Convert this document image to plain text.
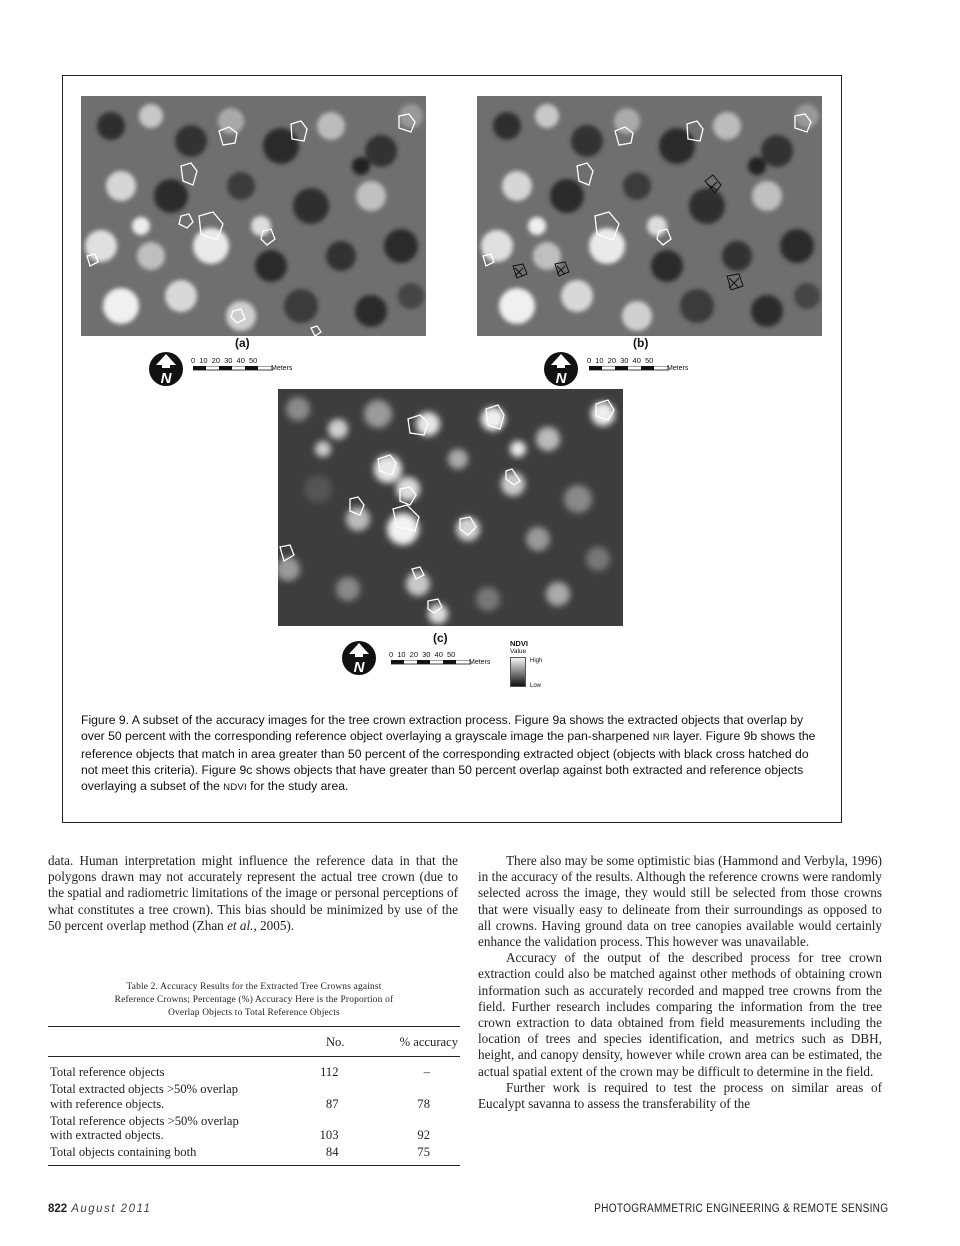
(a)
N
0 10 20 30 40 50
Meters
(b)
N
0 10 20 30 40 50
Meters
(c)
N
0 10 20 30 40 50
Meters
NDVI
Value
High
Low
Figure 9. A subset of the accuracy images for the tree crown extraction process. Figure 9a shows the extracted objects that overlap by over 50 percent with the corresponding reference object overlaying a grayscale image the pan-sharpened NIR layer. Figure 9b shows the reference objects that match in area greater than 50 percent of the corresponding extracted object (objects with black cross hatched do not meet this criteria). Figure 9c shows objects that have greater than 50 percent overlap against both extracted and reference objects overlaying a subset of the NDVI for the study area.

data. Human interpretation might influence the reference data in that the polygons drawn may not accurately represent the actual tree crown (due to the spatial and radiometric limitations of the image or personal perceptions of what constitutes a tree crown). This bias should be minimized by use of the 50 percent overlap method (Zhan et al., 2005).

Table 2. Accuracy Results for the Extracted Tree Crowns against
Reference Crowns; Percentage (%) Accuracy Here is the Proportion of
Overlap Objects to Total Reference Objects
	No.	% accuracy
Total reference objects	112	–
Total extracted objects >50% overlap
with reference objects.	87	78
Total reference objects >50% overlap
with extracted objects.	103	92
Total objects containing both	84	75

There also may be some optimistic bias (Hammond and Verbyla, 1996) in the accuracy of the results. Although the reference crowns were randomly selected across the image, they would still be selected from those crowns that were visually easy to delineate from their surroundings as opposed to all crowns. Having ground data on tree canopies available would certainly enhance the validation process. This however was unavailable.

Accuracy of the output of the described process for tree crown extraction could also be matched against other methods of obtaining crown information such as accurately recorded and mapped tree crowns from the field. Further research includes comparing the information from the tree crown extraction to data obtained from field measurements including the location of trees and species identification, and metrics such as DBH, height, and canopy density, however while crown area can be estimated, the actual spatial extent of the crown may be difficult to determine in the field.

Further work is required to test the process on similar areas of Eucalypt savanna to assess the transferability of the

822 August 2011	PHOTOGRAMMETRIC ENGINEERING & REMOTE SENSING
